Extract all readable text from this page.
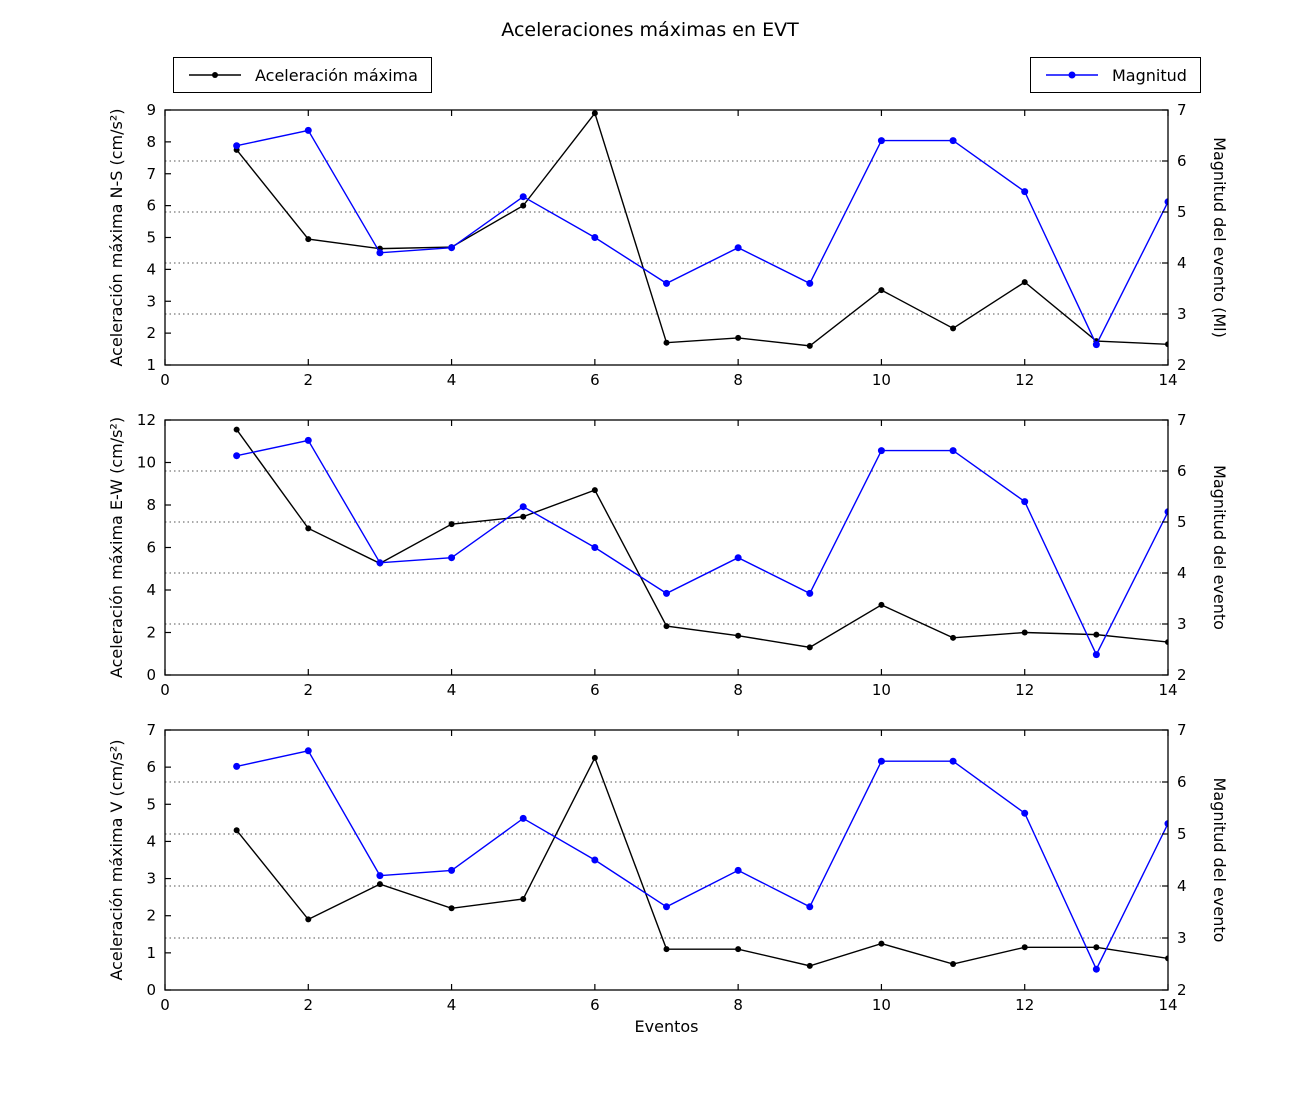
Aceleraciones máximas en EVT
Aceleración máxima	Magnitud
0	2	4	6	8	10	12	14
1
2
3
4
5
6
7
8
9
2
3
4
5
6
7
Aceleración máxima N-S (cm/s²)	Magnitud del evento (Ml)
0	2	4	6	8	10	12	14
0
2
4
6
8
10
12
2
3
4
5
6
7
Aceleración máxima E-W (cm/s²)	Magnitud del evento
0	2	4	6	8	10	12	14
0
1
2
3
4
5
6
7
2
3
4
5
6
7
Aceleración máxima V (cm/s²)	Magnitud del evento
Eventos
